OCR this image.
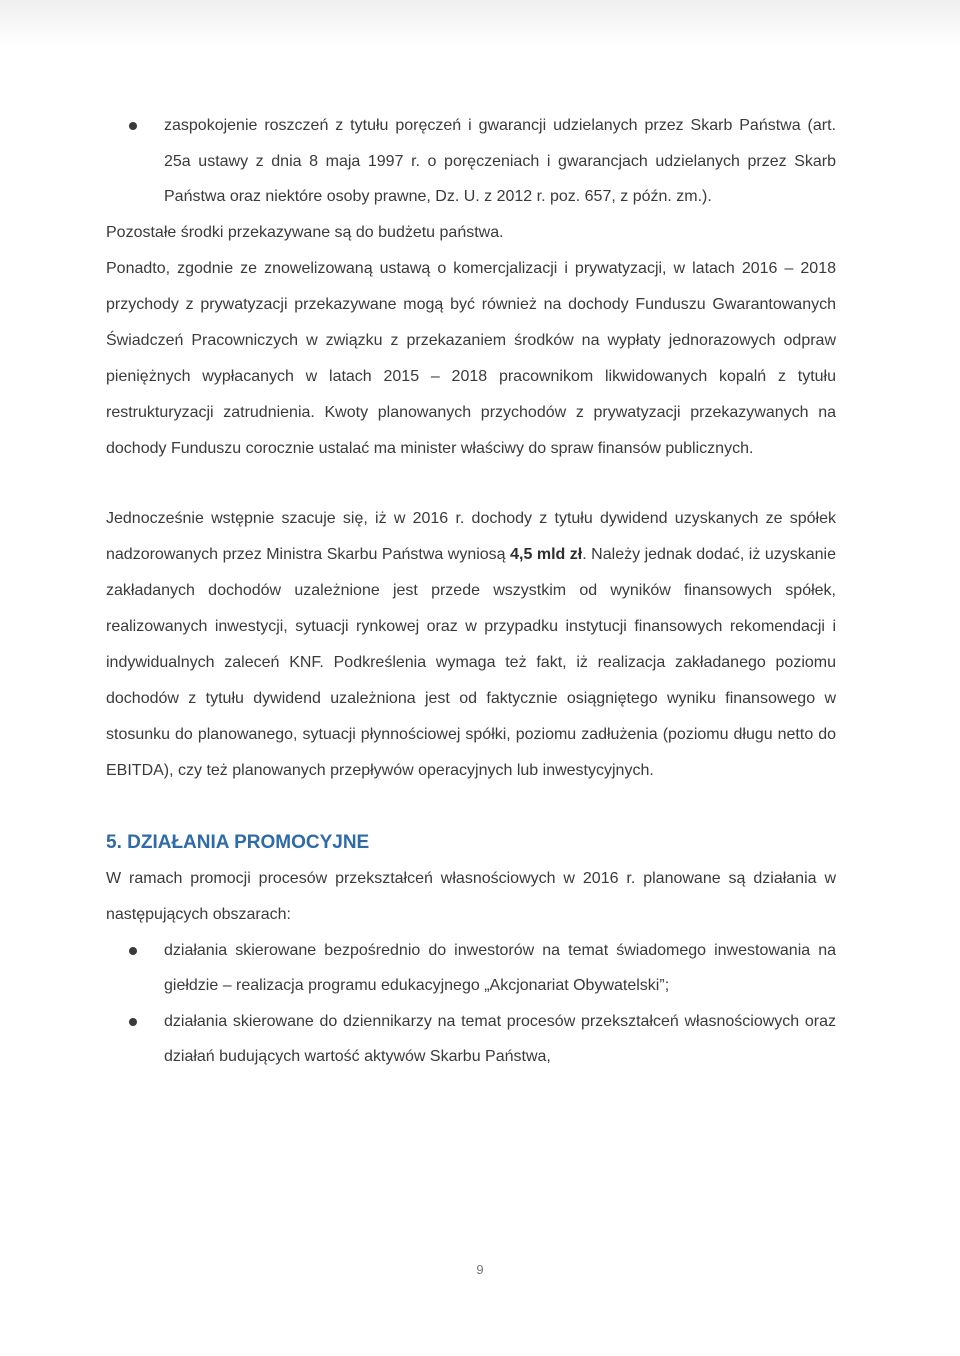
zaspokojenie roszczeń z tytułu poręczeń i gwarancji udzielanych przez Skarb Państwa (art. 25a ustawy z dnia 8 maja 1997 r. o poręczeniach i gwarancjach udzielanych przez Skarb Państwa oraz niektóre osoby prawne, Dz. U. z 2012 r. poz. 657, z późn. zm.).

Pozostałe środki przekazywane są do budżetu państwa.

Ponadto, zgodnie ze znowelizowaną ustawą o komercjalizacji i prywatyzacji, w latach 2016 – 2018 przychody z prywatyzacji przekazywane mogą być również na dochody Funduszu Gwarantowanych Świadczeń Pracowniczych w związku z przekazaniem środków na wypłaty jednorazowych odpraw pieniężnych wypłacanych w latach 2015 – 2018 pracownikom likwidowanych kopalń z tytułu restrukturyzacji zatrudnienia. Kwoty planowanych przychodów z prywatyzacji przekazywanych na dochody Funduszu corocznie ustalać ma minister właściwy do spraw finansów publicznych.

Jednocześnie wstępnie szacuje się, iż w 2016 r. dochody z tytułu dywidend uzyskanych ze spółek nadzorowanych przez Ministra Skarbu Państwa wyniosą 4,5 mld zł. Należy jednak dodać, iż uzyskanie zakładanych dochodów uzależnione jest przede wszystkim od wyników finansowych spółek, realizowanych inwestycji, sytuacji rynkowej oraz w przypadku instytucji finansowych rekomendacji i indywidualnych zaleceń KNF. Podkreślenia wymaga też fakt, iż realizacja zakładanego poziomu dochodów z tytułu dywidend uzależniona jest od faktycznie osiągniętego wyniku finansowego w stosunku do planowanego, sytuacji płynnościowej spółki, poziomu zadłużenia (poziomu długu netto do EBITDA), czy też planowanych przepływów operacyjnych lub inwestycyjnych.

5. DZIAŁANIA PROMOCYJNE

W ramach promocji procesów przekształceń własnościowych w 2016 r. planowane są działania w następujących obszarach:

działania skierowane bezpośrednio do inwestorów na temat świadomego inwestowania na giełdzie – realizacja programu edukacyjnego „Akcjonariat Obywatelski”;
działania skierowane do dziennikarzy na temat procesów przekształceń własnościowych oraz działań budujących wartość aktywów Skarbu Państwa,
9
